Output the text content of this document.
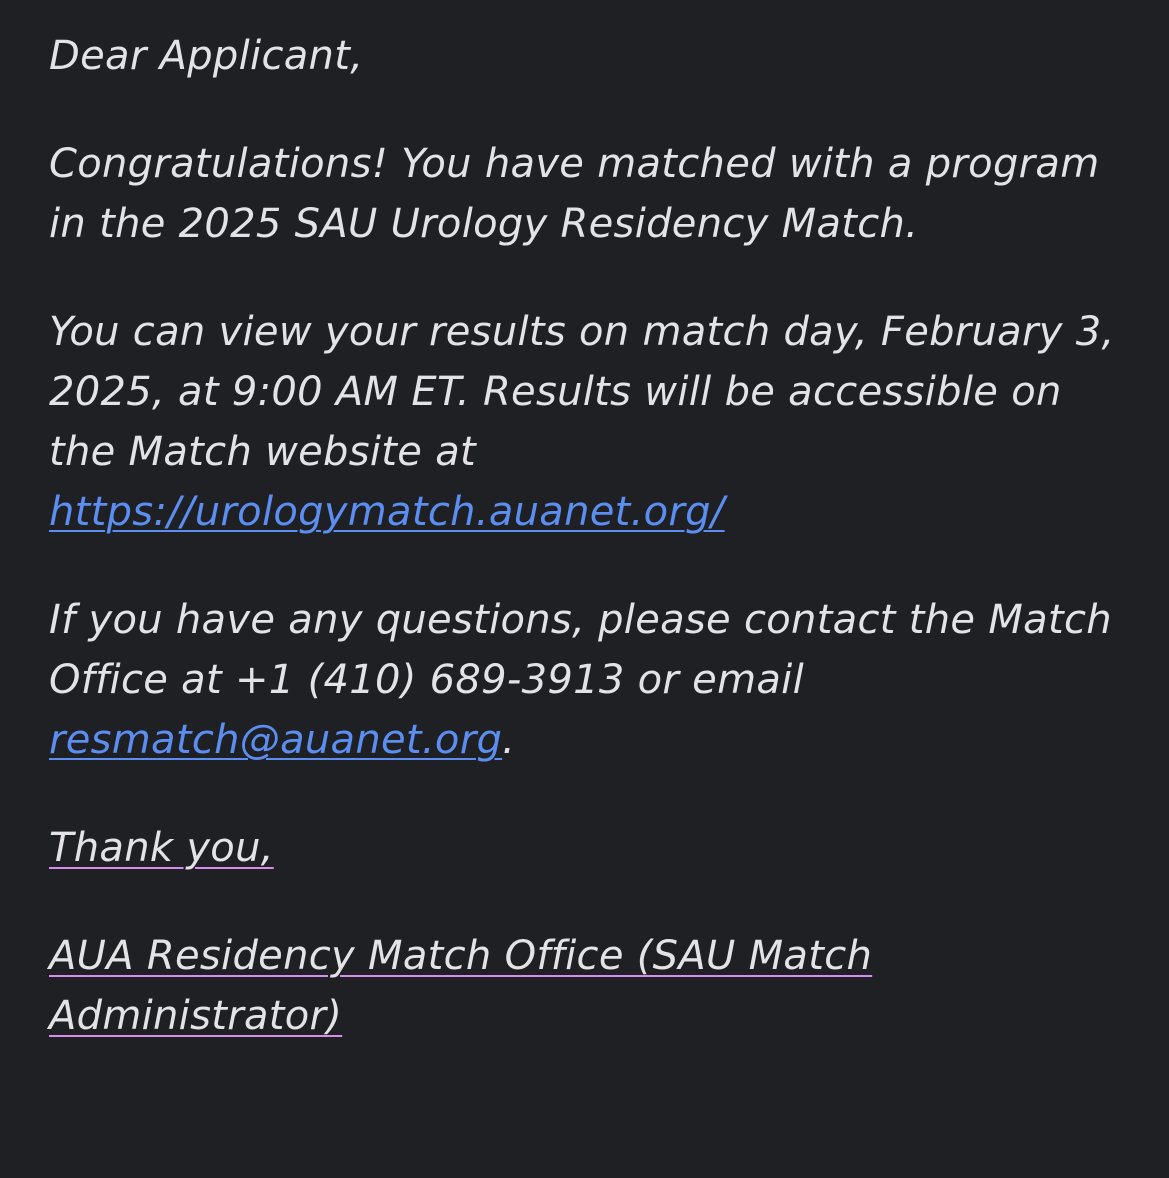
Dear Applicant,

Congratulations! You have matched with a program in the 2025 SAU Urology Residency Match.

You can view your results on match day, February 3, 2025, at 9:00 AM ET. Results will be accessible on the Match website at
https://urologymatch.auanet.org/

If you have any questions, please contact the Match Office at +1 (410) 689-3913 or email
resmatch@auanet.org.

Thank you,

AUA Residency Match Office (SAU Match Administrator)
